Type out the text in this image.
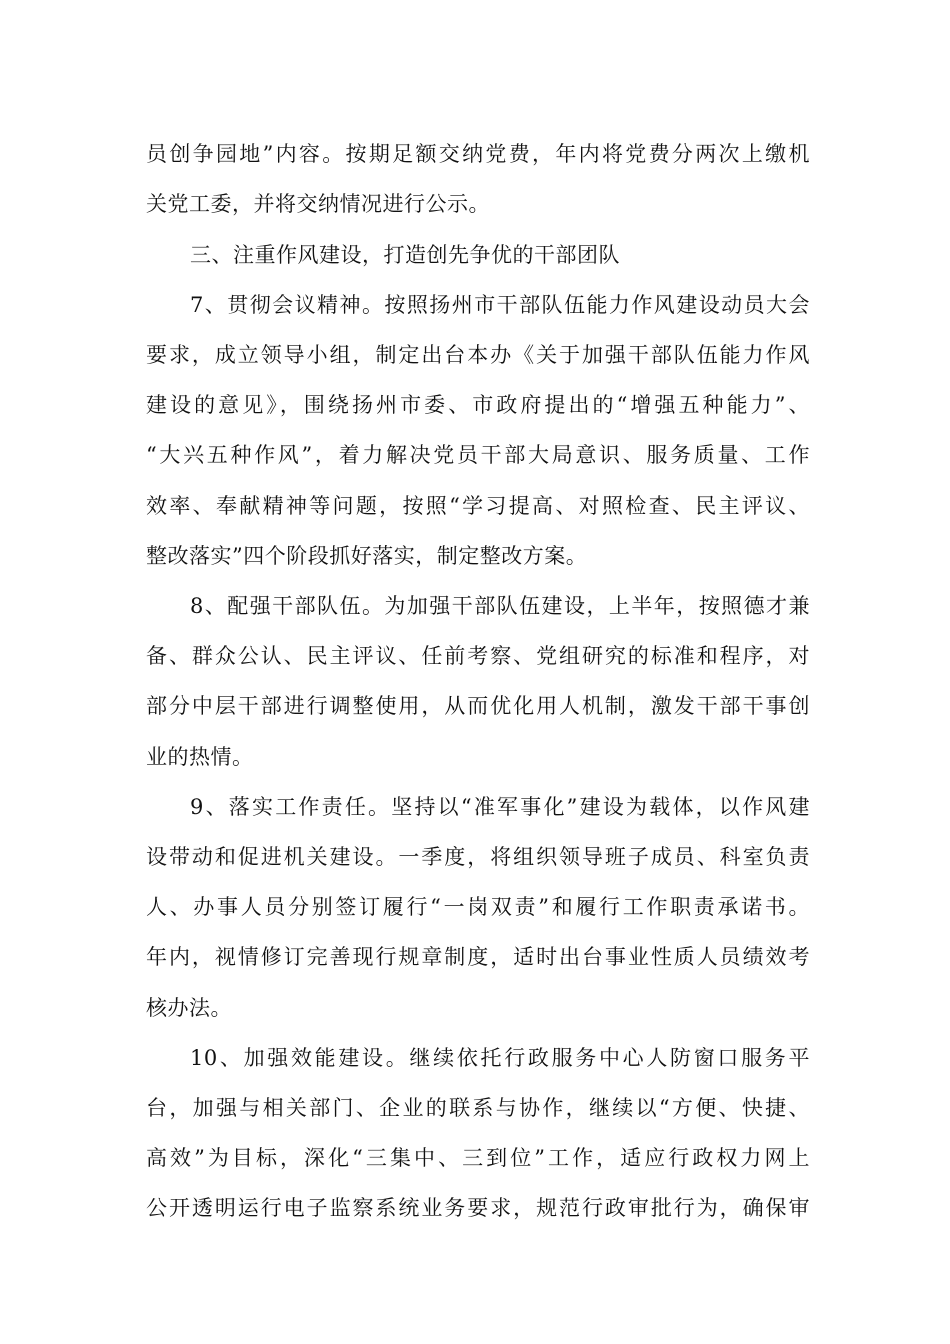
员创争园地”内容。按期足额交纳党费，年内将党费分两次上缴机
关党工委，并将交纳情况进行公示。
三、注重作风建设，打造创先争优的干部团队
7、贯彻会议精神。按照扬州市干部队伍能力作风建设动员大会
要求，成立领导小组，制定出台本办《关于加强干部队伍能力作风
建设的意见》，围绕扬州市委、市政府提出的“增强五种能力”、
“大兴五种作风”，着力解决党员干部大局意识、服务质量、工作
效率、奉献精神等问题，按照“学习提高、对照检查、民主评议、
整改落实”四个阶段抓好落实，制定整改方案。
8、配强干部队伍。为加强干部队伍建设，上半年，按照德才兼
备、群众公认、民主评议、任前考察、党组研究的标准和程序，对
部分中层干部进行调整使用，从而优化用人机制，激发干部干事创
业的热情。
9、落实工作责任。坚持以“准军事化”建设为载体，以作风建
设带动和促进机关建设。一季度，将组织领导班子成员、科室负责
人、办事人员分别签订履行“一岗双责”和履行工作职责承诺书。
年内，视情修订完善现行规章制度，适时出台事业性质人员绩效考
核办法。
10、加强效能建设。继续依托行政服务中心人防窗口服务平
台，加强与相关部门、企业的联系与协作，继续以“方便、快捷、
高效”为目标，深化“三集中、三到位”工作，适应行政权力网上
公开透明运行电子监察系统业务要求，规范行政审批行为，确保审
